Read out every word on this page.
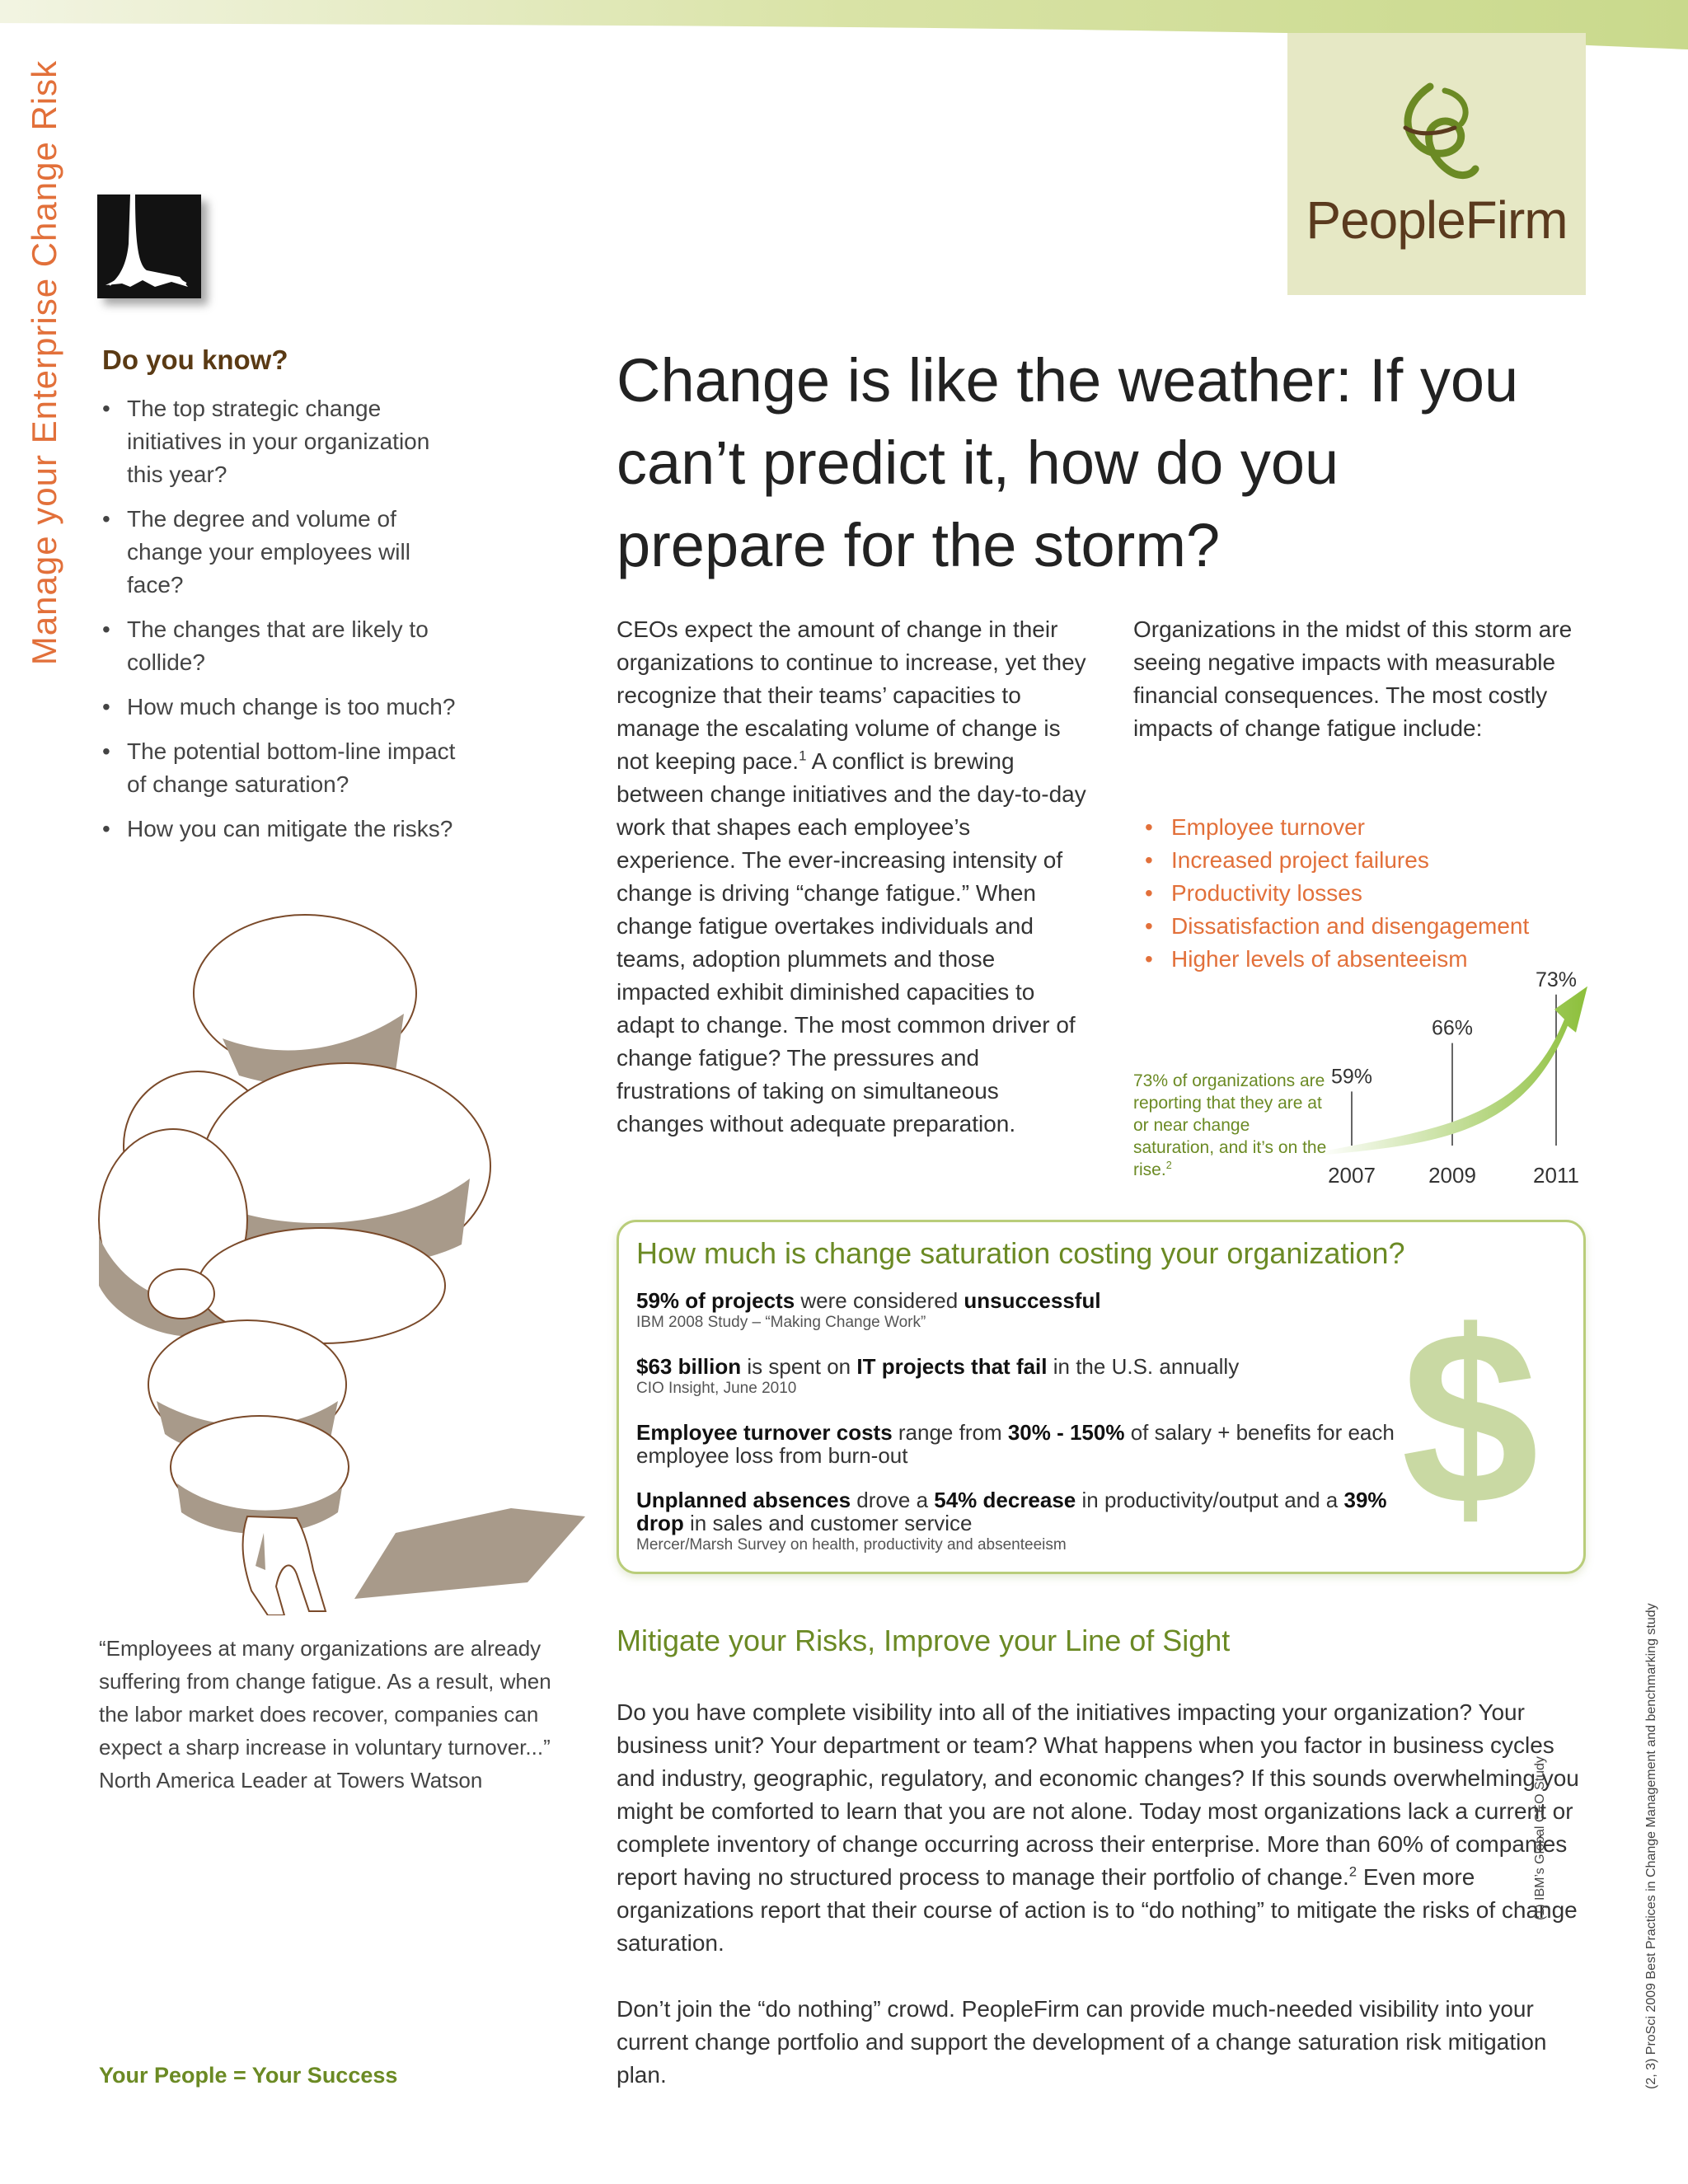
PeopleFirm
Manage your Enterprise Change Risk	Do you know?
• The top strategic change initiatives in your organization this year?
• The degree and volume of change your employees will face?
• The changes that are likely to collide?
• How much change is too much?
• The potential bottom-line impact of change saturation?
• How you can mitigate the risks?
“Employees at many organizations are already suffering from change fatigue. As a result, when the labor market does recover, companies can expect a sharp increase in voluntary turnover...”
North America Leader at Towers Watson
Your People = Your Success
Change is like the weather: If you can’t predict it, how do you prepare for the storm?
CEOs expect the amount of change in their organizations to continue to increase, yet they recognize that their teams’ capacities to manage the escalating volume of change is not keeping pace.$^1$ A conflict is brewing between change initiatives and the day-to-day work that shapes each employee’s experience. The ever-increasing intensity of change is driving “change fatigue.” When change fatigue overtakes individuals and teams, adoption plummets and those impacted exhibit diminished capacities to adapt to change. The most common driver of change fatigue? The pressures and frustrations of taking on simultaneous changes without adequate preparation.
Organizations in the midst of this storm are seeing negative impacts with measurable financial consequences. The most costly impacts of change fatigue include:
• Employee turnover
• Increased project failures
• Productivity losses
• Dissatisfaction and disengagement
• Higher levels of absenteeism
59%
2007
66%
2009
73%
2011
73% of organizations are reporting that they are at or near change saturation, and it’s on the rise.$^2$
$
How much is change saturation costing your organization?
59% of projects were considered unsuccessful
IBM 2008 Study – “Making Change Work”
$63 billion is spent on IT projects that fail in the U.S. annually
CIO Insight, June 2010
Employee turnover costs range from 30% - 150% of salary + benefits for each employee loss from burn-out
Unplanned absences drove a 54% decrease in productivity/output and a 39% drop in sales and customer service
Mercer/Marsh Survey on health, productivity and absenteeism
Mitigate your Risks, Improve your Line of Sight
Do you have complete visibility into all of the initiatives impacting your organization? Your business unit? Your department or team? What happens when you factor in business cycles and industry, geographic, regulatory, and economic changes? If this sounds overwhelming you might be comforted to learn that you are not alone. Today most organizations lack a current or complete inventory of change occurring across their enterprise. More than 60% of companies report having no structured process to manage their portfolio of change.$^2$ Even more organizations report that their course of action is to “do nothing” to mitigate the risks of change saturation.
Don’t join the “do nothing” crowd. PeopleFirm can provide much-needed visibility into your current change portfolio and support the development of a change saturation risk mitigation plan.
(1) IBM’s Global CEO Study	(2, 3) ProSci 2009 Best Practices in Change Management and benchmarking study
